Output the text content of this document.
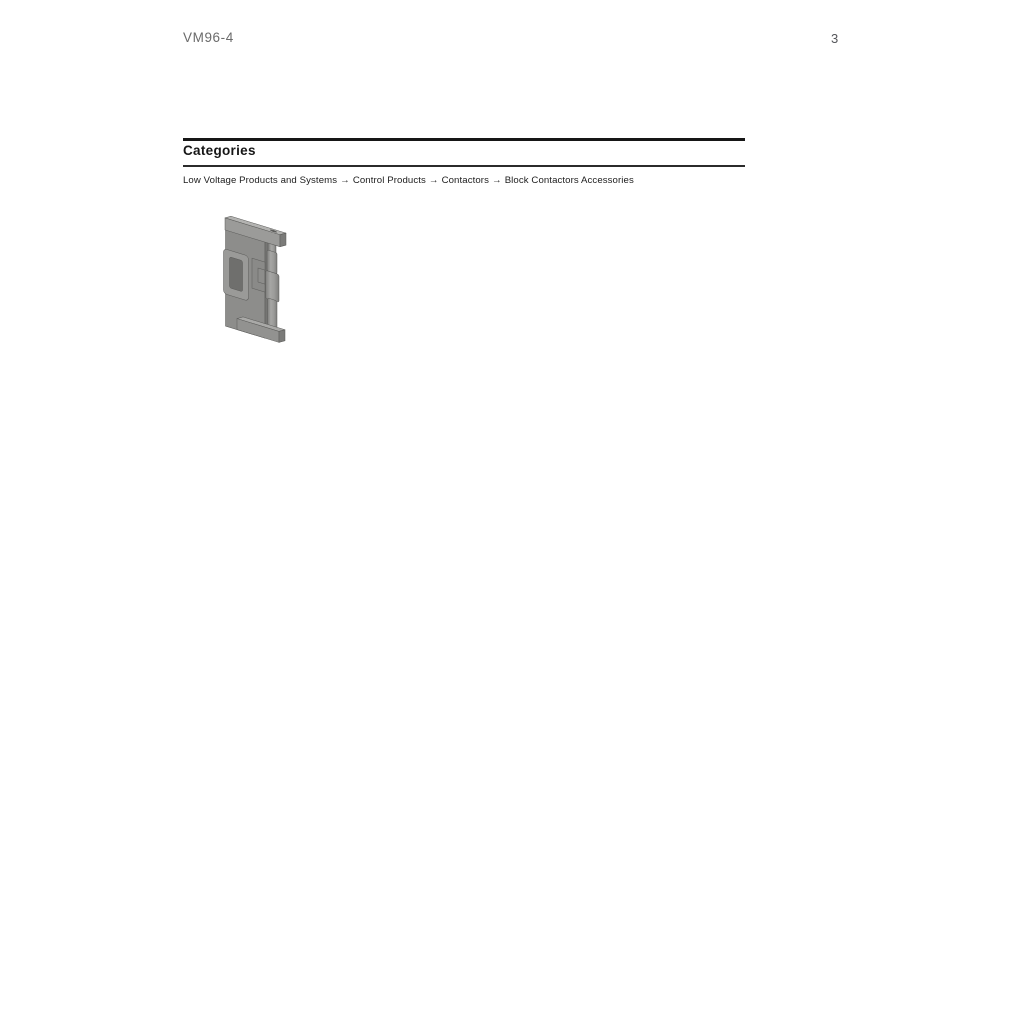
VM96-4	3
Categories
Low Voltage Products and Systems → Control Products → Contactors → Block Contactors Accessories
